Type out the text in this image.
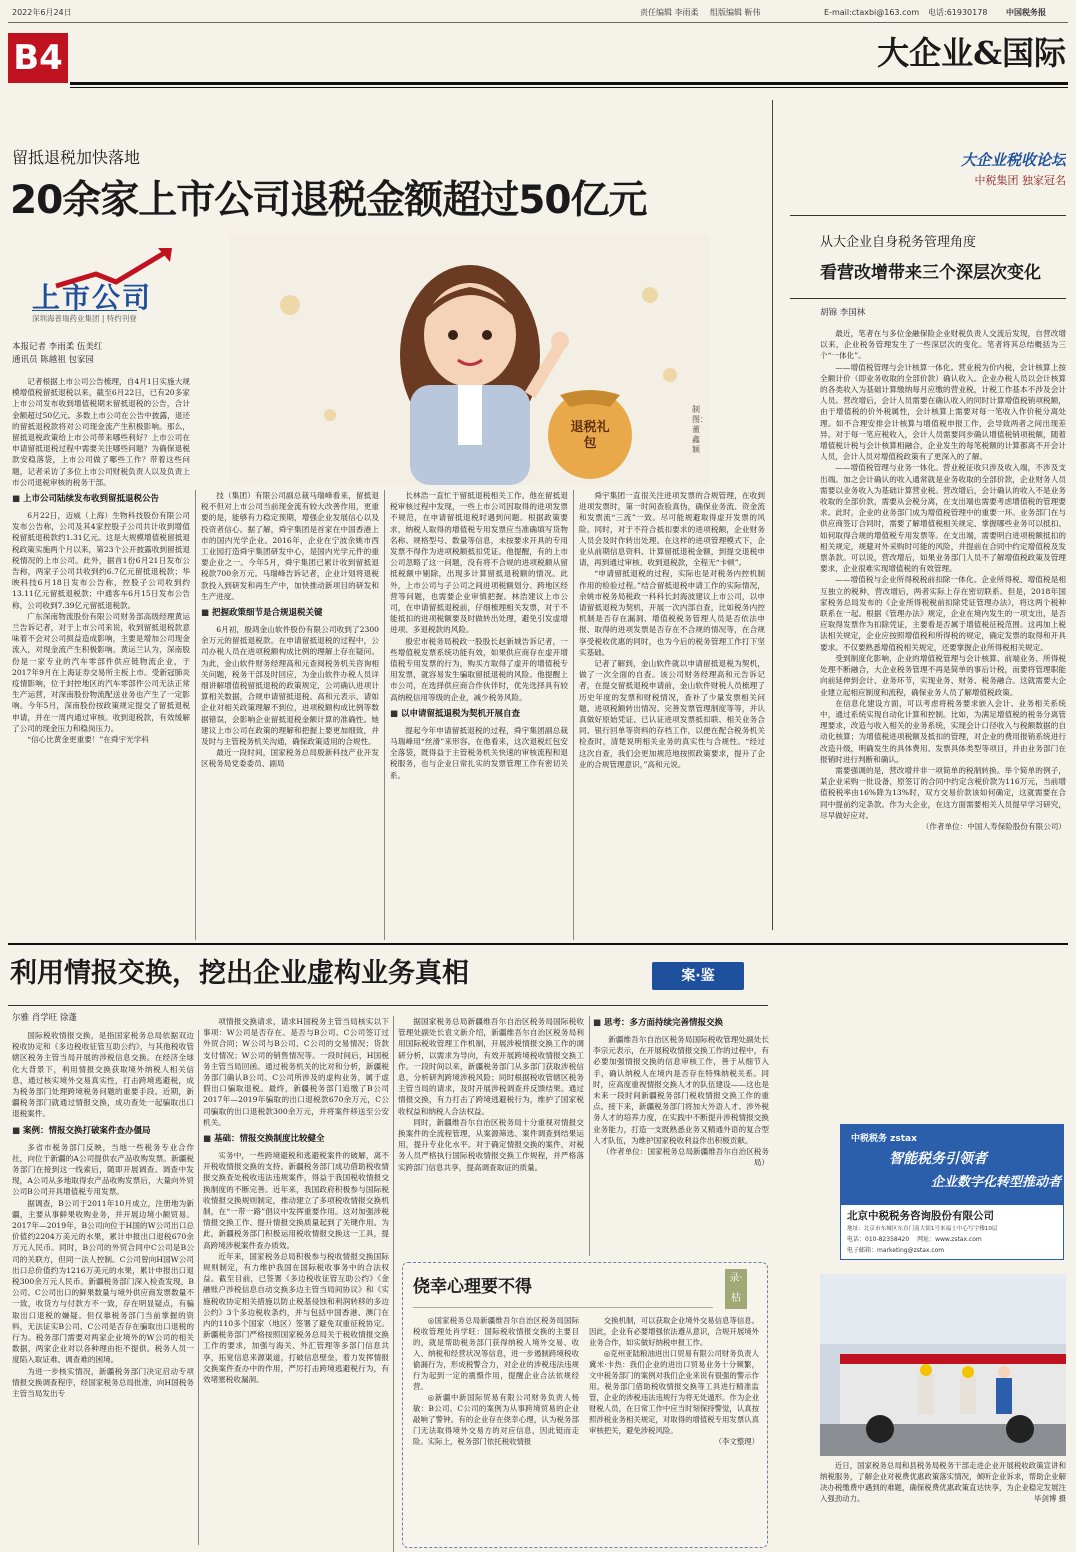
2022年6月24日	责任编辑 李雨柔 组版编辑 靳伟	E-mail:ctaxbi@163.com 电话:61930178 中国税务报
B4	大企业&国际
留抵退税加快落地
20余家上市公司退税金额超过50亿元
上市公司
深圳海普瑞药业集团 | 特约刊登
退税礼包
制图：董鑫颖
本报记者 李雨柔 伍美红
通讯员 陈越祖 包家园

记者根据上市公司公告梳理，自4月1日实施大规模增值税留抵退税以来，截至6月22日，已有20多家上市公司发布收到增值税期末留抵退税的公告，合计金额超过50亿元。多数上市公司在公告中披露，退还的留抵退税款将对公司现金流产生积极影响。那么，留抵退税政策给上市公司带来哪些利好？上市公司在申请留抵退税过程中需要关注哪些问题？为确保退税款安稳落袋，上市公司做了哪些工作？带着这些问题，记者采访了多位上市公司财税负责人以及负责上市公司退税审核的税务干部。

■ 上市公司陆续发布收到留抵退税公告

6月22日，迈威（上海）生物科技股份有限公司发布公告称，公司及其4家控股子公司共计收到增值税留抵退税款约1.31亿元。这是大规模增值税留抵退税政策实施两个月以来，第23个公开披露收到留抵退税情况的上市公司。此外，据首1份6月21日发布公告称，两家子公司共收到约6.7亿元留抵退税款；华映科技6月18日发布公告称，控股子公司收到约13.11亿元留抵退税款；中通客车6月15日发布公告称，公司收到7.39亿元留抵退税款。

广东深南物流股份有限公司财务部高级经理黄运兰告诉记者，对于上市公司来说，收到留抵退税款意味着不会对公司损益造成影响，主要是增加公司现金流入，对现金流产生积极影响。黄运兰认为，深南股份是一家专业的汽车零部件供应链物流企业，于2017年9月在上海证券交易所主板上市。受新冠肺炎疫情影响，位于封控地区的汽车零部件公司无法正常生产运营，对深南股份物流配送业务也产生了一定影响。今年5月，深南股份按政策规定提交了留抵退税申请，并在一周内通过审核。收到退税款，有效缓解了公司的现金压力和稳岗压力。

“信心比黄金更重要！”在舜宇光学科

技（集团）有限公司副总裁马瑞峰看来，留抵退税不但对上市公司当前现金流有较大改善作用，更重要的是，能够有力稳定预期，增强企业发展信心以及投资者信心。据了解，舜宇集团是首家在中国香港上市的国内光学企业。2016年，企业在宁波余姚市西工业园打造舜宇集团研发中心，是国内光学元件的重要企业之一。今年5月，舜宇集团已累计收到留抵退税款700余万元。马瑞峰告诉记者，企业计划将退税款投入到研发和再生产中，加快推动新项目的研发和生产进度。

■ 把握政策细节是合规退税关键

6月初，殷鸿金山软件股份有限公司收到了2300余万元的留抵退税款。在申请留抵退税的过程中，公司办税人员在进项税额构成比例的理解上存在疑问。为此，金山软件财务经理高和元查阅税务机关咨询相关问题，税务干部及时回应，为金山软件办税人员详细讲解增值税留抵退税的政策规定，公司确认进项计算相关数据，合规申请留抵退税。高和元表示，请如企业对相关政策理解不到位，进项税额构成比例等数据错误，会影响企业留抵退税金额计算的准确性。她建议上市公司在政策的理解和把握上要更加细致，并及时与主管税务机关沟通，确保政策适用的合规性。

最近一段时间，国家税务总局殷新科技产业开发区税务局党委委员、副局

长林浩一直忙于留抵退税相关工作。他在留抵退税审核过程中发现，一些上市公司因取得的进项发票不规范，在申请留抵退税时遇到问题。根据政策要求，纳税人取得的增值税专用发票应当准确填写货物名称、规格型号、数量等信息，未按要求开具的专用发票不得作为进项税额抵扣凭证。他提醒，有的上市公司忽略了这一问题，没有将不合规的进项税额从留抵税额中剔除，出现多计算留抵退税额的情况。此外，上市公司与子公司之间进项税额划分、跨地区经营等问题，也需要企业审慎把握。林浩建议上市公司，在申请留抵退税前，仔细梳理相关发票，对于不能抵扣的进项税额要及时做转出处理，避免引发虚增进项、多退税款的风险。

殷宏市税务局税政一股股长赵新城告诉记者，一些增值税发票系统功能有效，如果供应商存在虚开增值税专用发票的行为，购买方取得了虚开的增值税专用发票，就容易发生骗取留抵退税的风险。他提醒上市公司，在选择供应商合作伙伴时，优先选择具有较高纳税信用等级的企业，减少税务风险。

■ 以申请留抵退税为契机开展自查

提起今年申请留抵退税的过程，舜宇集团副总裁马瑞峰用“丝滑”来形容。在他看来，这次退税红包安全落袋，既得益于主管税务机关快速的审核流程和退税服务，也与企业日常扎实的发票管理工作有密切关系。

舜宇集团一直很关注进项发票的合规管理，在收到进项发票时，第一时间查验真伪，确保业务流、资金流和发票流“三流”一致。尽可能规避取得虚开发票的风险。同时，对于不符合抵扣要求的进项税额，企业财务人员会及时作转出处理。在这样的进项管理模式下，企业从前期信息资料、计算留抵退税金额，到提交退税申请，再到通过审核、收到退税款，全程无“卡顿”。

“申请留抵退税的过程，实际也是对税务内控机制作用的检验过程。”结合留抵退税申请工作的实际情况，余姚市税务局税政一科科长封海波建议上市公司，以申请留抵退税为契机，开展一次内部自查，比如税务内控机制是否存在漏洞、增值税税务管理人员是否依法申报、取得的进项发票是否存在不合规的情况等，在合规享受税收优惠的同时，也为今后的税务管理工作打下坚实基础。

记者了解到，金山软件就以申请留抵退税为契机，做了一次全面的自查。该公司财务经理高和元告诉记者，在提交留抵退税申请前，金山软件财税人员梳理了历史年度的发票和财税情况，查补了少量发票相关问题、进项税额转出情况、完善发票管理制度等等，并认真做好原始凭证、已认证进项发票抵扣联、相关业务合同、银行回单等资料的存档工作，以便在配合税务机关检查时，清楚说明相关业务的真实性与合规性。“经过这次自查，我们会更加规范地按照政策要求，提升了企业的合规管理意识，”高和元说。

大企业税收论坛
中税集团 独家冠名
从大企业自身税务管理角度
看营改增带来三个深层次变化
胡锦 李国林

最近，笔者在与多位金融保险企业财税负责人交流后发现，自营改增以来，企业税务管理发生了一些深层次的变化。笔者将其总结概括为三个“一体化”。

——增值税管理与会计核算一体化。营业税为价内税，会计核算上按全额计价（即业务收取的全部价款）确认收入。企业办税人员以会计核算的各类收入为基础计算缴纳每月应缴的营业税，计税工作基本不涉及会计人员。营改增后，会计人员需要在确认收入的同时计算增值税销项税额，由于增值税的价外税属性，会计核算上需要对每一笔收入作价税分离处理。如不合理安排会计核算与增值税申报工作，会导致两者之间出现差异。对于每一笔应税收入，会计人员需要同步确认增值税销项税额，随着增值税计税与会计核算相融合，企业发生的每笔税额的计算都离不开会计人员，会计人员对增值税政策有了更深入的了解。

——增值税管理与业务一体化。营业税征收只涉及收入端，不涉及支出端。加之会计确认的收入通常就是业务收取的全部价款，企业财务人员需要以业务收入为基础计算营业税。营改增后，会计确认的收入不是业务收取的全部价款，需要从会税分离，在支出端也需要考虑增值税的管理要求。此时，企业的业务部门成为增值税管理中的重要一环。业务部门在与供应商签订合同时，需要了解增值税相关规定、掌握哪些业务可以抵扣、如何取得合规的增值税专用发票等。在支出端，需要明白进项税额抵扣的相关规定，规避对外采购时可能的风险，并提前在合同中约定增值税及发票条款。可以说，营改增后，如果业务部门人员不了解增值税政策及管理要求，企业很难实现增值税的有效管理。

——增值税与企业所得税税前扣除一体化。企业所得税、增值税是相互独立的税种，营改增后，两者实际上存在密切联系。但是，2018年国家税务总局发布的《企业所得税税前扣除凭证管理办法》，将这两个税种联系在一起。根据《管理办法》规定，企业在境内发生的一项支出，是否应取得发票作为扣除凭证，主要看是否属于增值税征税范围。这再加上税法相关规定，企业应按照增值税和所得税的规定，确定发票的取得和开具要求。不仅要熟悉增值税相关规定，还要掌握企业所得税相关规定。

受到制度化影响，企业的增值税管理与会计核算、前端业务、所得税处理不断融合，大企业税务管理不再是简单的事后计税，而要将管理职能向前延伸到会计、业务环节，实现业务、财务、税务融合。这就需要大企业建立起相应制度和流程，确保业务人员了解增值税政策。

在信息化建设方面，可以考虑将税务要求嵌入会计、业务相关系统中，通过系统实现自动化计算和控制。比如，为满足增值税的税务分离管理要求，改造与收入相关的业务系统，实现会计口径收入与税额数据的自动化核算；为增值税进项税额及抵扣的管理，对企业的费用报销系统进行改造升级，明确发生的具体费用、发票具体类型等项目，并由业务部门在报销时进行判断和确认。

需要强调的是，营改增并非一项简单的税制转换。举个简单的例子，某企业采购一批设备，原签订的合同中约定含税价款为116万元，当前增值税税率由16%降为13%时，双方交易价款该如何确定，这就需要在合同中提前约定条款。作为大企业，在这方面需要相关人员提早学习研究，尽早做好应对。

（作者单位：中国人寿保险股份有限公司）

利用情报交换，挖出企业虚构业务真相	案·鉴
尔雅 肖学旺 徐蓬

国际税收情报交换，是指国家税务总局依据双边税收协定和《多边税收征管互助公约》，与其他税收管辖区税务主管当局开展的涉税信息交换。在经济全球化大背景下，利用情报交换获取境外纳税人相关信息，通过核实境外交易真实性，打击跨境逃避税，成为税务部门处理跨境税务问题的重要手段。近期，新疆税务部门就通过情报交换，成功查处一起骗取出口退税案件。

■ 案例：情报交换打破案件查办僵局

多省市税务部门反映，当地一些税务专业合作社，向位于新疆的A公司提供农产品收购发票。新疆税务部门在接到这一线索后，随即开展调查。调查中发现，A公司从多地取得农产品收购发票后，大量向外贸公司B公司开具增值税专用发票。

据调查，B公司于2011年10月成立，注册地为新疆，主要从事鲜果收购业务，并开展边境小额贸易。2017年—2019年，B公司向位于H国的W公司出口总价值约2204万美元的水果，累计申报出口退税670余万元人民币。同时，B公司的外贸合同中C公司是B公司的关联方，但同一法人控制。C公司曾向H国W公司出口总价值约为1216万美元的水果，累计申报出口退税300余万元人民币。新疆税务部门深入检查发现，B公司、C公司出口的鲜果数量与境外供应商发票数量不一致，收货方与付款方不一致，存在明显疑点，有骗取出口退税的嫌疑。但仅靠税务部门当前掌握的资料，无法证实B公司、C公司是否存在骗取出口退税的行为。税务部门需要对两家企业境外的W公司的相关数据，两家企业对以各种理由拒不提供。税务人员一度陷入取证难、调查难的困境。

为进一步核实情况，新疆税务部门决定启动专项情报交换调查程序，经国家税务总局批准，向H国税务主管当局发出专

项情报交换请求，请求H国税务主管当局核实以下事项：W公司是否存在、是否与B公司、C公司签订过外贸合同；W公司与B公司、C公司的交易情况；货款支付情况；W公司的销售情况等。一段时间后，H国税务主管当局回函。通过税务机关的比对和分析，新疆税务部门确认B公司、C公司所涉及的虚构业务，属于虚假出口骗取退税。最终，新疆税务部门追缴了B公司2017年—2019年骗取的出口退税款670余万元，C公司骗取的出口退税款300余万元，并将案件移送至公安机关。

■ 基础：情报交换制度比较健全

实务中，一些跨境避税和逃避税案件的破解，离不开税收情报交换的支持。新疆税务部门成功借助税收情报交换查处税收违法违规案件，得益于我国税收情报交换制度的不断完善。近年来，我国政府积极参与国际税收情报交换规则制定，推动建立了多项税收情报交换机制，在“一带一路”倡议中发挥重要作用。这对加强涉税情报交换工作、提升情报交换质量起到了关键作用。为此，新疆税务部门积极运用税收情报交换这一工具，提高跨境涉税案件查办质效。

近年来，国家税务总局积极参与税收情报交换国际规则制定，有力维护我国在国际税收事务中的合法权益。截至目前，已签署《多边税收征管互助公约》《金融账户涉税信息自动交换多边主管当局间协议》和《实施税收协定相关措施以防止税基侵蚀和利润转移的多边公约》3个多边税收条约，并与包括中国香港、澳门在内的110多个国家（地区）签署了避免双重征税协定。新疆税务部门严格按照国家税务总局关于税收情报交换工作的要求，加强与海关、外汇管理等多部门信息共享，拓宽信息来源渠道，打破信息壁垒，着力发挥情报交换案件查办中的作用，严厉打击跨境逃避税行为，有效堵塞税收漏洞。

据国家税务总局新疆维吾尔自治区税务局国际税收管理处副处长袁文新介绍，新疆维吾尔自治区税务局利用国际税收管理工作机制，开展涉税情报交换工作的调研分析，以需求为导向，有效开展跨境税收情报交换工作。一段时间以来，新疆税务部门从多部门获取涉税信息，分析研判跨境涉税风险；同时根据税收管辖区税务主管当局的请求，及时开展涉税调查并反馈结果。通过情报交换，有力打击了跨境逃避税行为，维护了国家税收权益和纳税人合法权益。

同时，新疆维吾尔自治区税务局十分重视对情报交换案件的全流程管理，从案源筛选、案件调查到结果运用，提升专业化水平。对于确定情报交换的案件，对税务人员严格执行国际税收情报交换工作规程，并严格落实跨部门信息共享，提高调查取证的质量。

■ 思考：多方面持续完善情报交换

新疆维吾尔自治区税务局国际税收管理处副处长李宗元表示，在开展税收情报交换工作的过程中，有必要加强情报交换的信息审核工作，善于从细节入手，确认纳税人在境内是否存在特殊纳税关系。同时，应高度重视情报交换人才的队伍建设——这也是未来一段时间新疆税务部门税收情报交换工作的重点。接下来，新疆税务部门将加大外语人才、涉外税务人才的培养力度，在实践中不断提升涉税情报交换业务能力，打造一支既熟悉业务又精通外语的复合型人才队伍，为维护国家税收利益作出积极贡献。

（作者单位：国家税务总局新疆维吾尔自治区税务局）

侥幸心理要不得	录·枯

◎国家税务总局新疆维吾尔自治区税务局国际税收管理处肖学旺：国际税收情报交换的主要目的，就是帮助税务部门获得纳税人境外交易、收入、纳税和经营状况等信息，进一步遏制跨境税收偷漏行为，形成税警合力，对企业的涉税违法违规行为起到一定的震慑作用，提醒企业合法依规经营。

◎新疆中新国际贸易有限公司财务负责人杨敏：B公司、C公司的案例为从事跨境贸易的企业敲响了警钟。有的企业存在侥幸心理，认为税务部门无法取得境外交易方的对应信息，因此铤而走险。实际上，税务部门依托税收情报

交换机制，可以获取企业境外交易信息等信息。因此，企业有必要增强依法遵从意识，合规开展境外业务合作，如实做好纳税申报工作。

◎克州亚陆粮油进出口贸易有限公司财务负责人冀米·卡热：我们企业的进出口贸易业务十分频繁，文中税务部门的案例对我们企业来说有很强的警示作用。税务部门借助税收情报交换等工具进行精准监管，企业的涉税违法违规行为将无处遁形。作为企业财税人员，在日常工作中应当时刻保持警觉，认真按照涉税业务相关规定，对取得的增值税专用发票认真审核把关，避免涉税风险。

（李文整理）

中税税务 zstax
智能税务引领者
企业数字化转型推动者
北京中税税务咨询股份有限公司
地址：北京市东城区东直门南大街1号来福士中心写字楼10层
电话：010-82358420 网址：www.zstax.com
电子邮箱：marketing@zstax.com

近日，国家税务总局和县税务局税务干部走进企业开展税收政策宣讲和纳税服务，了解企业对税费优惠政策落实情况，倾听企业诉求，帮助企业解决办税缴费中遇到的难题，确保税费优惠政策直达快享，为企业稳定发展注入强劲动力。	毕剑博 摄
